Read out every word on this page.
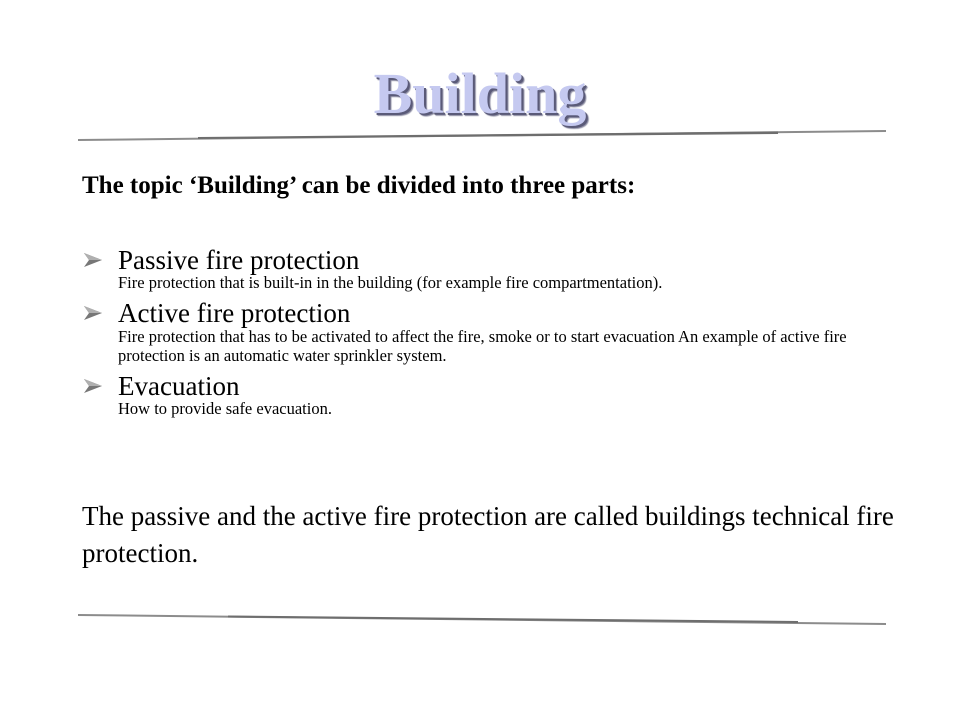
Building

The topic ‘Building’ can be divided into three parts:

Passive fire protection
Fire protection that is built-in in the building (for example fire compartmentation).
Active fire protection
Fire protection that has to be activated to affect the fire, smoke or to start evacuation An example of active fire protection is an automatic water sprinkler system.
Evacuation
How to provide safe evacuation.

The passive and the active fire protection are called buildings technical fire protection.
